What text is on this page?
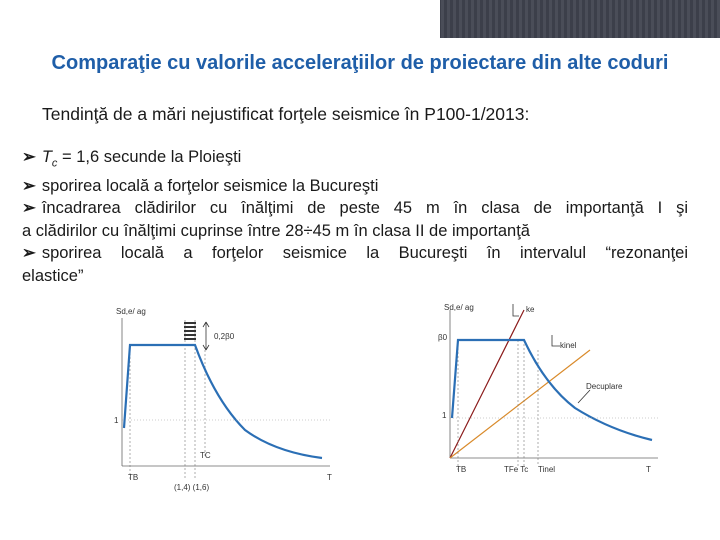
Comparaţie cu valorile acceleraţiilor de proiectare din alte coduri
Tendinţă de a mări nejustificat forţele seismice în P100-1/2013:
➢ $T_c = 1,6$ secunde la Ploieşti
➢ sporirea locală a forţelor seismice la Bucureşti
➢ încadrarea clădirilor cu înălţimi de peste 45 m în clasa de importanţă I şi
a clădirilor cu înălţimi cuprinse între 28÷45 m în clasa II de importanţă
➢ sporirea locală a forţelor seismice la Bucureşti în intervalul “rezonanţei
elastice”
Sd,e/ ag
0,2β0
1
TC
TB
(1,4) (1,6)
T
Sd,e/ ag	ke
kinel
β0
Decuplare
1
TB	TFe Tc Tinel	T
